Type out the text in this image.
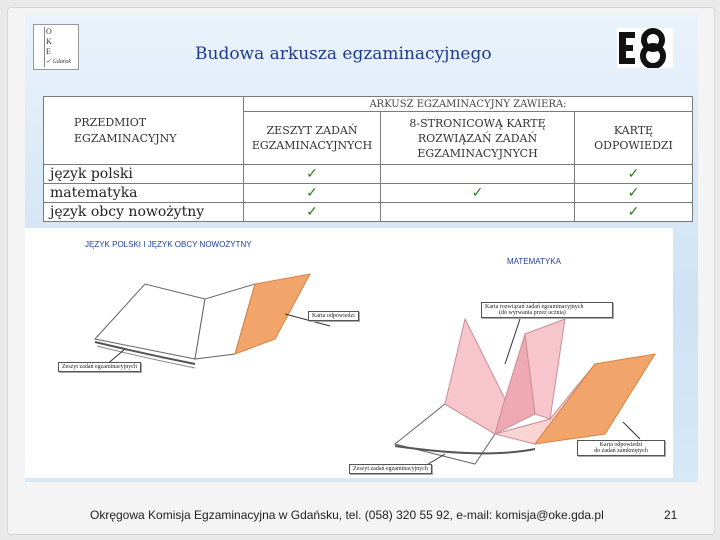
O
K
E
✓ Gdańsk	Budowa arkusza egzaminacyjnego
PRZEDMIOT EGZAMINACYJNY	ARKUSZ EGZAMINACYJNY ZAWIERA:		
	ZESZYT ZADAŃ EGZAMINACYJNYCH	8-STRONICOWĄ KARTĘ ROZWIĄZAŃ ZADAŃ EGZAMINACYJNYCH	KARTĘ ODPOWIEDZI
język polski	✓		✓
matematyka	✓	✓	✓
język obcy nowożytny	✓		✓
JĘZYK POLSKI I JĘZYK OBCY NOWOŻYTNY
MATEMATYKA
Karta odpowiedzi
Zeszyt zadań egzaminacyjnych
Karta rozwiązań zadań egzaminacyjnych
(do wyrwania przez ucznia)
Karta odpowiedzi
do zadań zamkniętych
Zeszyt zadań egzaminacyjnych
Okręgowa Komisja Egzaminacyjna w Gdańsku, tel. (058) 320 55 92, e-mail: komisja@oke.gda.pl	21
